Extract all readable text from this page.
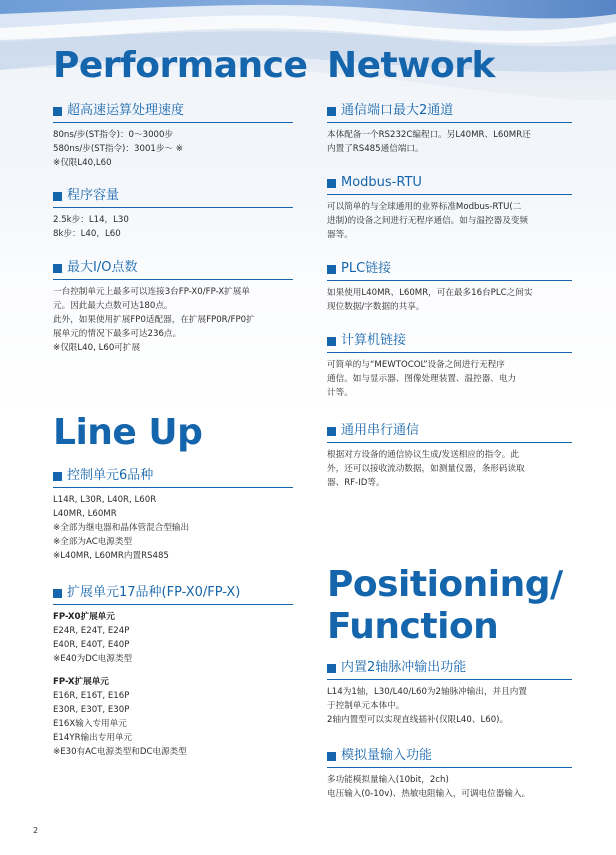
Performance
超高速运算处理速度
80ns/步(ST指令)：0～3000步
580ns/步(ST指令)：3001步～ ※
※仅限L40,L60
程序容量
2.5k步：L14，L30
8k步：L40，L60
最大I/O点数
一台控制单元上最多可以连接3台FP-X0/FP-X扩展单
元。因此最大点数可达180点。
此外，如果使用扩展FP0适配器，在扩展FP0R/FP0扩
展单元的情况下最多可达236点。
※仅限L40, L60可扩展
Line Up
控制单元6品种
L14R, L30R, L40R, L60R
L40MR, L60MR
※全部为继电器和晶体管混合型输出
※全部为AC电源类型
※L40MR, L60MR内置RS485
扩展单元17品种(FP-X0/FP-X)
FP-X0扩展单元
E24R, E24T, E24P
E40R, E40T, E40P
※E40为DC电源类型
FP-X扩展单元
E16R, E16T, E16P
E30R, E30T, E30P
E16X输入专用单元
E14YR输出专用单元
※E30有AC电源类型和DC电源类型
Network
通信端口最大2通道
本体配备一个RS232C编程口。另L40MR、L60MR还
内置了RS485通信端口。
Modbus-RTU
可以简单的与全球通用的业界标准Modbus-RTU(二
进制)的设备之间进行无程序通信。如与温控器及变频
器等。
PLC链接
如果使用L40MR、L60MR，可在最多16台PLC之间实
现位数据/字数据的共享。
计算机链接
可简单的与“MEWTOCOL”设备之间进行无程序
通信。如与显示器、图像处理装置、温控器、电力
计等。
通用串行通信
根据对方设备的通信协议生成/发送相应的指令。此
外，还可以接收流动数据，如测量仪器，条形码读取
器、RF-ID等。
Positioning/
Function
内置2轴脉冲输出功能
L14为1轴，L30/L40/L60为2轴脉冲输出，并且内置
于控制单元本体中。
2轴内置型可以实现直线插补(仅限L40、L60)。
模拟量输入功能
多功能模拟量输入(10bit，2ch)
电压输入(0-10v)、热敏电阻输入，可调电位器输入。
2
